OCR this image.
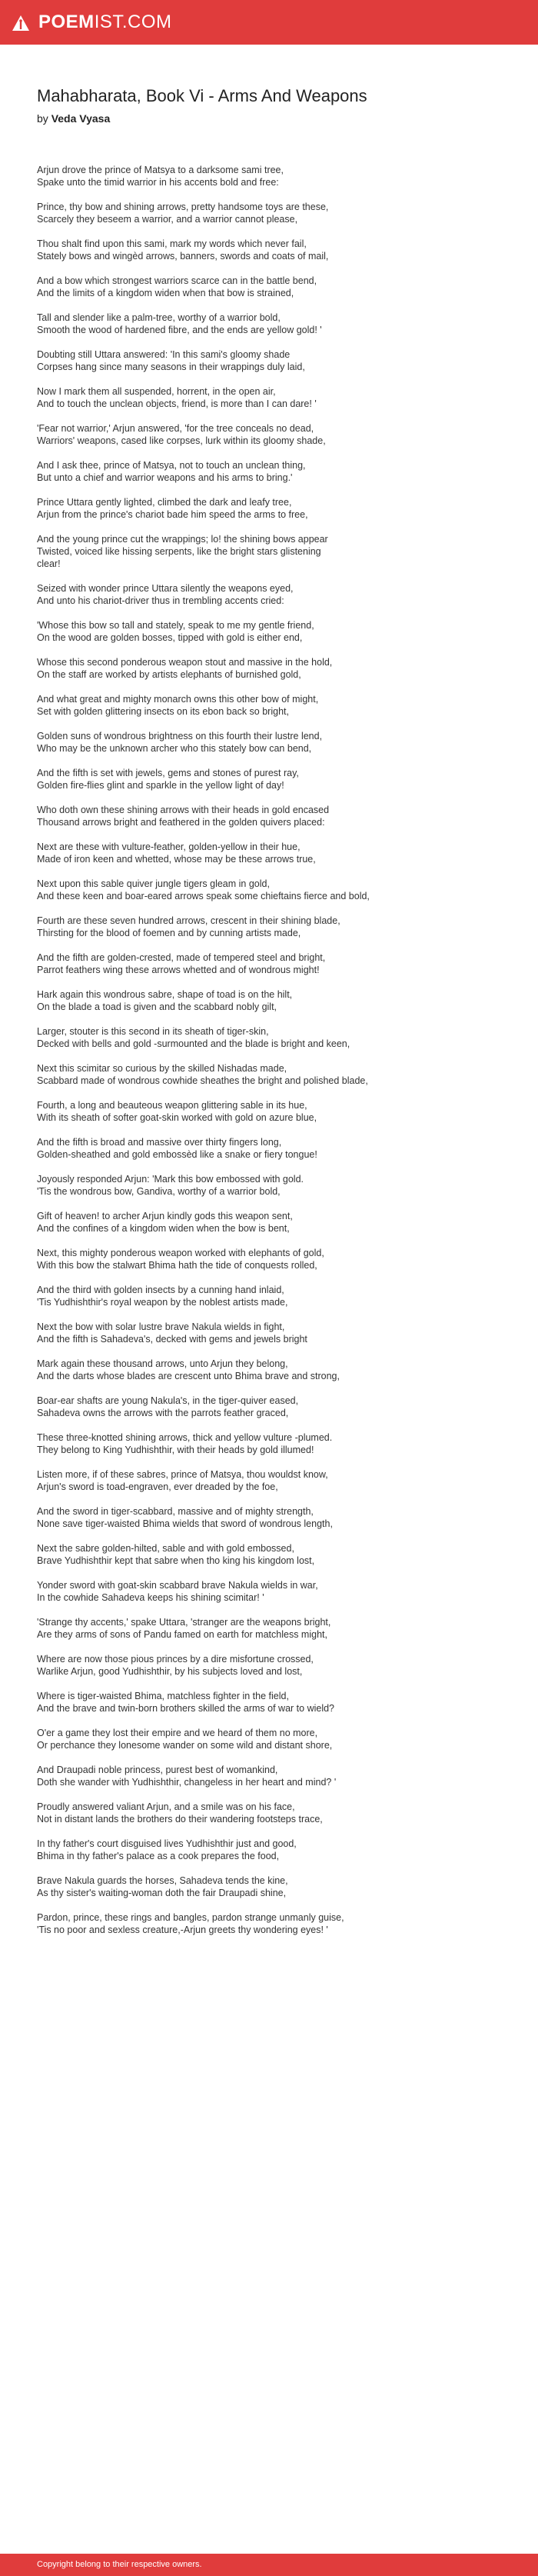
POEMIST.COM
Mahabharata, Book Vi - Arms And Weapons
by Veda Vyasa

Arjun drove the prince of Matsya to a darksome sami tree,
Spake unto the timid warrior in his accents bold and free:

Prince, thy bow and shining arrows, pretty handsome toys are these,
Scarcely they beseem a warrior, and a warrior cannot please,

Thou shalt find upon this sami, mark my words which never fail,
Stately bows and wingèd arrows, banners, swords and coats of mail,

And a bow which strongest warriors scarce can in the battle bend,
And the limits of a kingdom widen when that bow is strained,

Tall and slender like a palm-tree, worthy of a warrior bold,
Smooth the wood of hardened fibre, and the ends are yellow gold! '

Doubting still Uttara answered: 'In this sami's gloomy shade
Corpses hang since many seasons in their wrappings duly laid,

Now I mark them all suspended, horrent, in the open air,
And to touch the unclean objects, friend, is more than I can dare! '

'Fear not warrior,' Arjun answered, 'for the tree conceals no dead,
Warriors' weapons, cased like corpses, lurk within its gloomy shade,

And I ask thee, prince of Matsya, not to touch an unclean thing,
But unto a chief and warrior weapons and his arms to bring.'

Prince Uttara gently lighted, climbed the dark and leafy tree,
Arjun from the prince's chariot bade him speed the arms to free,

And the young prince cut the wrappings; lo! the shining bows appear
Twisted, voiced like hissing serpents, like the bright stars glistening
clear!

Seized with wonder prince Uttara silently the weapons eyed,
And unto his chariot-driver thus in trembling accents cried:

'Whose this bow so tall and stately, speak to me my gentle friend,
On the wood are golden bosses, tipped with gold is either end,

Whose this second ponderous weapon stout and massive in the hold,
On the staff are worked by artists elephants of burnished gold,

And what great and mighty monarch owns this other bow of might,
Set with golden glittering insects on its ebon back so bright,

Golden suns of wondrous brightness on this fourth their lustre lend,
Who may be the unknown archer who this stately bow can bend,

And the fifth is set with jewels, gems and stones of purest ray,
Golden fire-flies glint and sparkle in the yellow light of day!

Who doth own these shining arrows with their heads in gold encased
Thousand arrows bright and feathered in the golden quivers placed:

Next are these with vulture-feather, golden-yellow in their hue,
Made of iron keen and whetted, whose may be these arrows true,

Next upon this sable quiver jungle tigers gleam in gold,
And these keen and boar-eared arrows speak some chieftains fierce and bold,

Fourth are these seven hundred arrows, crescent in their shining blade,
Thirsting for the blood of foemen and by cunning artists made,

And the fifth are golden-crested, made of tempered steel and bright,
Parrot feathers wing these arrows whetted and of wondrous might!

Hark again this wondrous sabre, shape of toad is on the hilt,
On the blade a toad is given and the scabbard nobly gilt,

Larger, stouter is this second in its sheath of tiger-skin,
Decked with bells and gold -surmounted and the blade is bright and keen,

Next this scimitar so curious by the skilled Nishadas made,
Scabbard made of wondrous cowhide sheathes the bright and polished blade,

Fourth, a long and beauteous weapon glittering sable in its hue,
With its sheath of softer goat-skin worked with gold on azure blue,

And the fifth is broad and massive over thirty fingers long,
Golden-sheathed and gold embossèd like a snake or fiery tongue!

Joyously responded Arjun: 'Mark this bow embossed with gold.
'Tis the wondrous bow, Gandiva, worthy of a warrior bold,

Gift of heaven! to archer Arjun kindly gods this weapon sent,
And the confines of a kingdom widen when the bow is bent,

Next, this mighty ponderous weapon worked with elephants of gold,
With this bow the stalwart Bhima hath the tide of conquests rolled,

And the third with golden insects by a cunning hand inlaid,
'Tis Yudhishthir's royal weapon by the noblest artists made,

Next the bow with solar lustre brave Nakula wields in fight,
And the fifth is Sahadeva's, decked with gems and jewels bright

Mark again these thousand arrows, unto Arjun they belong,
And the darts whose blades are crescent unto Bhima brave and strong,

Boar-ear shafts are young Nakula's, in the tiger-quiver eased,
Sahadeva owns the arrows with the parrots feather graced,

These three-knotted shining arrows, thick and yellow vulture -plumed.
They belong to King Yudhishthir, with their heads by gold illumed!

Listen more, if of these sabres, prince of Matsya, thou wouldst know,
Arjun's sword is toad-engraven, ever dreaded by the foe,

And the sword in tiger-scabbard, massive and of mighty strength,
None save tiger-waisted Bhima wields that sword of wondrous length,

Next the sabre golden-hilted, sable and with gold embossed,
Brave Yudhishthir kept that sabre when tho king his kingdom lost,

Yonder sword with goat-skin scabbard brave Nakula wields in war,
In the cowhide Sahadeva keeps his shining scimitar! '

'Strange thy accents,' spake Uttara, 'stranger are the weapons bright,
Are they arms of sons of Pandu famed on earth for matchless might,

Where are now those pious princes by a dire misfortune crossed,
Warlike Arjun, good Yudhishthir, by his subjects loved and lost,

Where is tiger-waisted Bhima, matchless fighter in the field,
And the brave and twin-born brothers skilled the arms of war to wield?

O'er a game they lost their empire and we heard of them no more,
Or perchance they lonesome wander on some wild and distant shore,

And Draupadi noble princess, purest best of womankind,
Doth she wander with Yudhishthir, changeless in her heart and mind? '

Proudly answered valiant Arjun, and a smile was on his face,
Not in distant lands the brothers do their wandering footsteps trace,

In thy father's court disguised lives Yudhishthir just and good,
Bhima in thy father's palace as a cook prepares the food,

Brave Nakula guards the horses, Sahadeva tends the kine,
As thy sister's waiting-woman doth the fair Draupadi shine,

Pardon, prince, these rings and bangles, pardon strange unmanly guise,
'Tis no poor and sexless creature,-Arjun greets thy wondering eyes! '

Copyright belong to their respective owners.
